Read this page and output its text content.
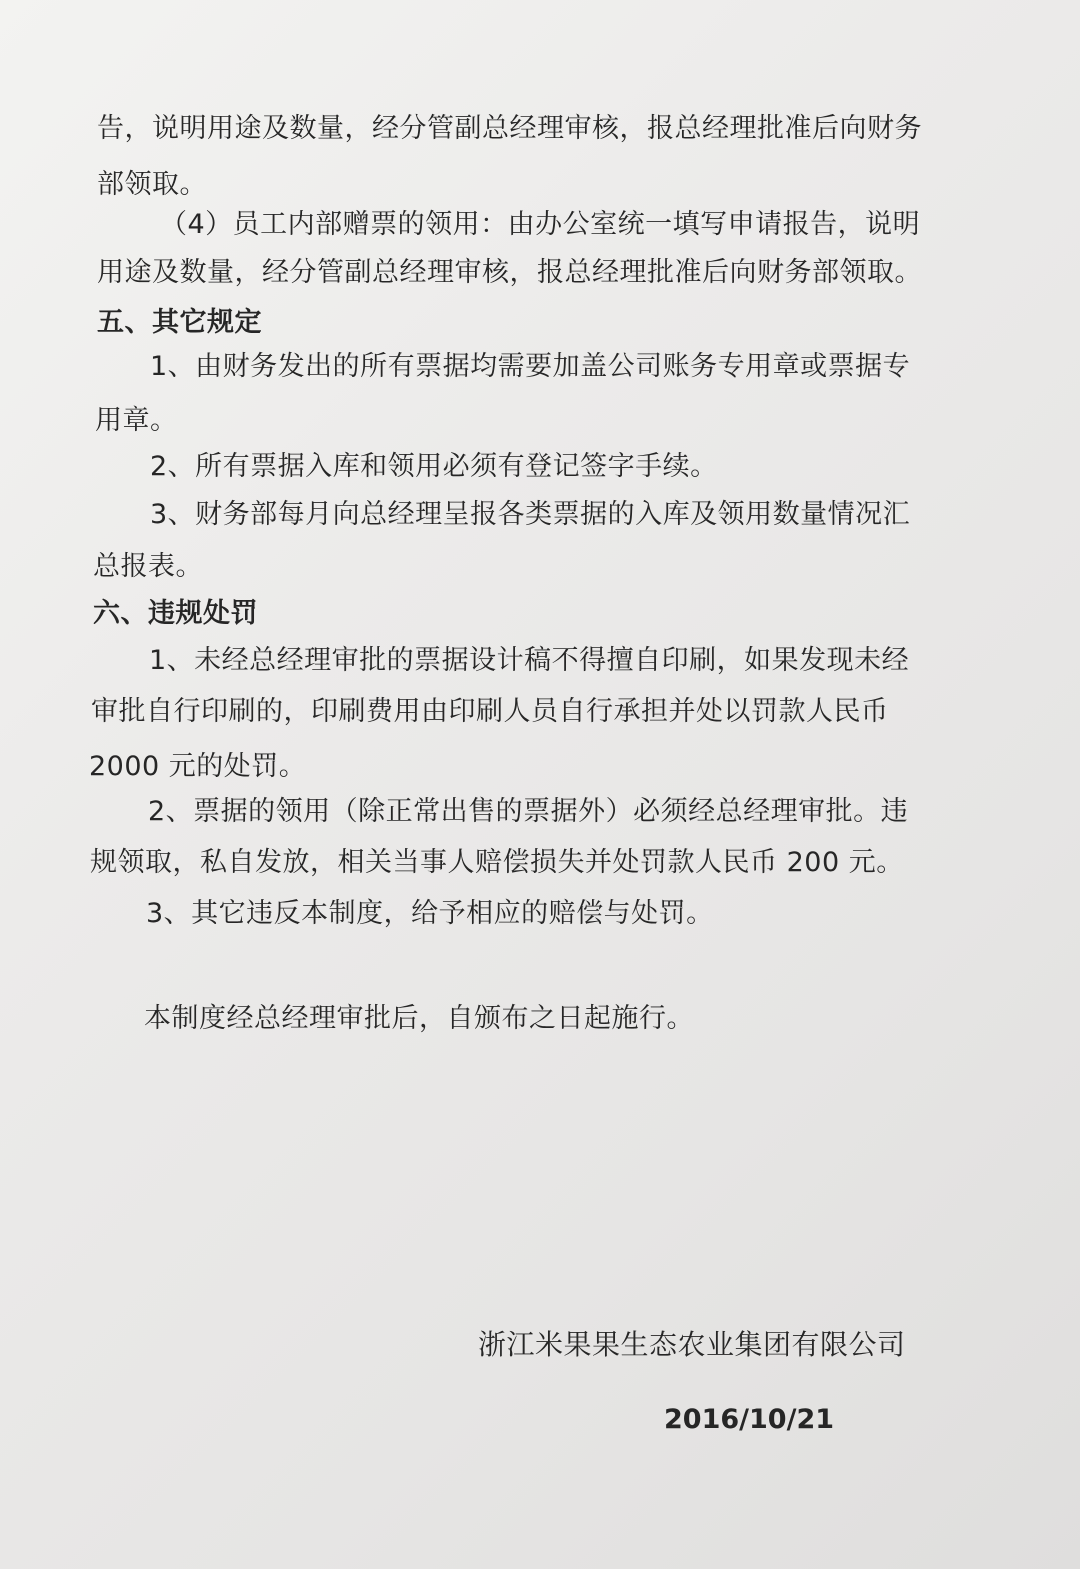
告，说明用途及数量，经分管副总经理审核，报总经理批准后向财务
部领取。
（4）员工内部赠票的领用：由办公室统一填写申请报告，说明
用途及数量，经分管副总经理审核，报总经理批准后向财务部领取。
五、其它规定
1、由财务发出的所有票据均需要加盖公司账务专用章或票据专
用章。
2、所有票据入库和领用必须有登记签字手续。
3、财务部每月向总经理呈报各类票据的入库及领用数量情况汇
总报表。
六、违规处罚
1、未经总经理审批的票据设计稿不得擅自印刷，如果发现未经
审批自行印刷的，印刷费用由印刷人员自行承担并处以罚款人民币
2000 元的处罚。
2、票据的领用（除正常出售的票据外）必须经总经理审批。违
规领取，私自发放，相关当事人赔偿损失并处罚款人民币 200 元。
3、其它违反本制度，给予相应的赔偿与处罚。
本制度经总经理审批后，自颁布之日起施行。
浙江米果果生态农业集团有限公司
2016/10/21
